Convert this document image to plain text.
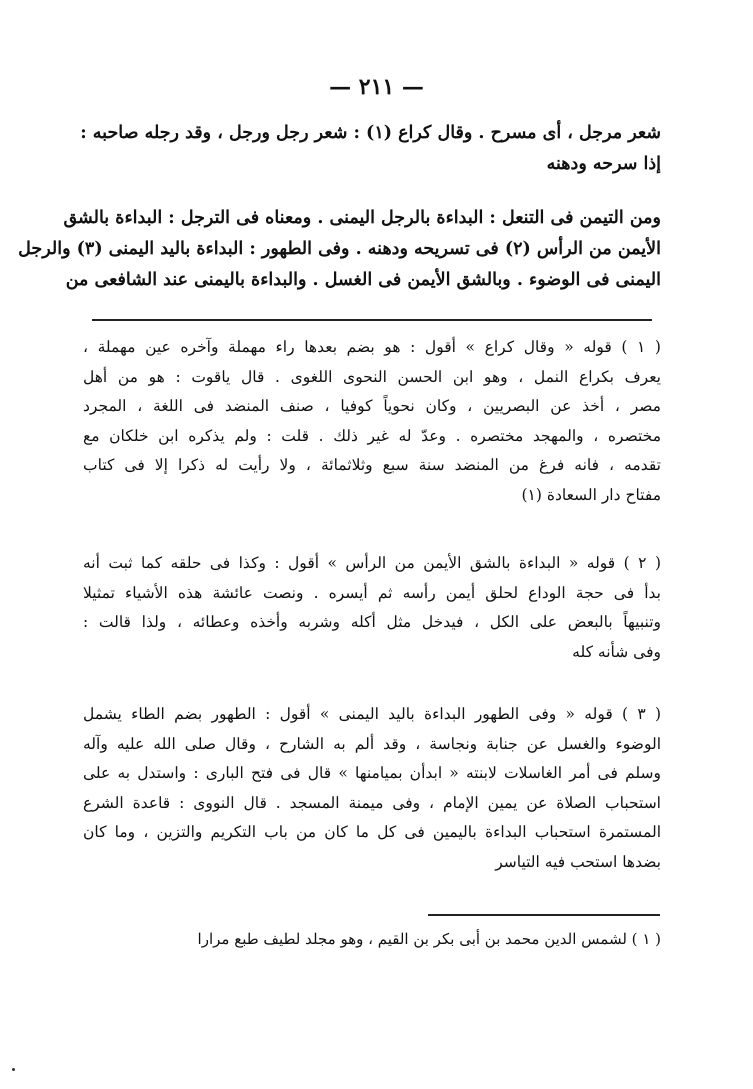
— ٢١١ —
شعر مرجل ، أى مسرح . وقال كراع (١) : شعر رجل ورجل ، وقد رجله صاحبه :
إذا سرحه ودهنه
ومن التيمن فى التنعل : البداءة بالرجل اليمنى . ومعناه فى الترجل : البداءة بالشق
الأيمن من الرأس (٢) فى تسريحه ودهنه . وفى الطهور : البداءة باليد اليمنى (٣) والرجل
اليمنى فى الوضوء . وبالشق الأيمن فى الغسل . والبداءة باليمنى عند الشافعى من
( ١ ) قوله « وقال كراع » أقول : هو بضم بعدها راء مهملة وآخره عين مهملة ،
يعرف بكراع النمل ، وهو ابن الحسن النحوى اللغوى . قال ياقوت : هو من أهل
مصر ، أخذ عن البصريين ، وكان نحوياً كوفيا ، صنف المنضد فى اللغة ، المجرد
مختصره ، والمهجد مختصره . وعدّ له غير ذلك . قلت : ولم يذكره ابن خلكان مع
تقدمه ، فانه فرغ من المنضد سنة سبع وثلاثمائة ، ولا رأيت له ذكرا إلا فى كتاب
مفتاح دار السعادة (١)
( ٢ ) قوله « البداءة بالشق الأيمن من الرأس » أقول : وكذا فى حلقه كما ثبت أنه
بدأ فى حجة الوداع لحلق أيمن رأسه ثم أيسره . ونصت عائشة هذه الأشياء تمثيلا
وتنبيهاً بالبعض على الكل ، فيدخل مثل أكله وشربه وأخذه وعطائه ، ولذا قالت :
وفى شأنه كله
( ٣ ) قوله « وفى الطهور البداءة باليد اليمنى » أقول : الطهور بضم الطاء يشمل
الوضوء والغسل عن جنابة ونجاسة ، وقد ألم به الشارح ، وقال صلى الله عليه وآله
وسلم فى أمر الغاسلات لابنته « ابدأن بميامنها » قال فى فتح البارى : واستدل به على
استحباب الصلاة عن يمين الإمام ، وفى ميمنة المسجد . قال النووى : قاعدة الشرع
المستمرة استحباب البداءة باليمين فى كل ما كان من باب التكريم والتزين ، وما كان
بضدها استحب فيه التياسر
( ١ ) لشمس الدين محمد بن أبى بكر بن القيم ، وهو مجلد لطيف طبع مرارا
